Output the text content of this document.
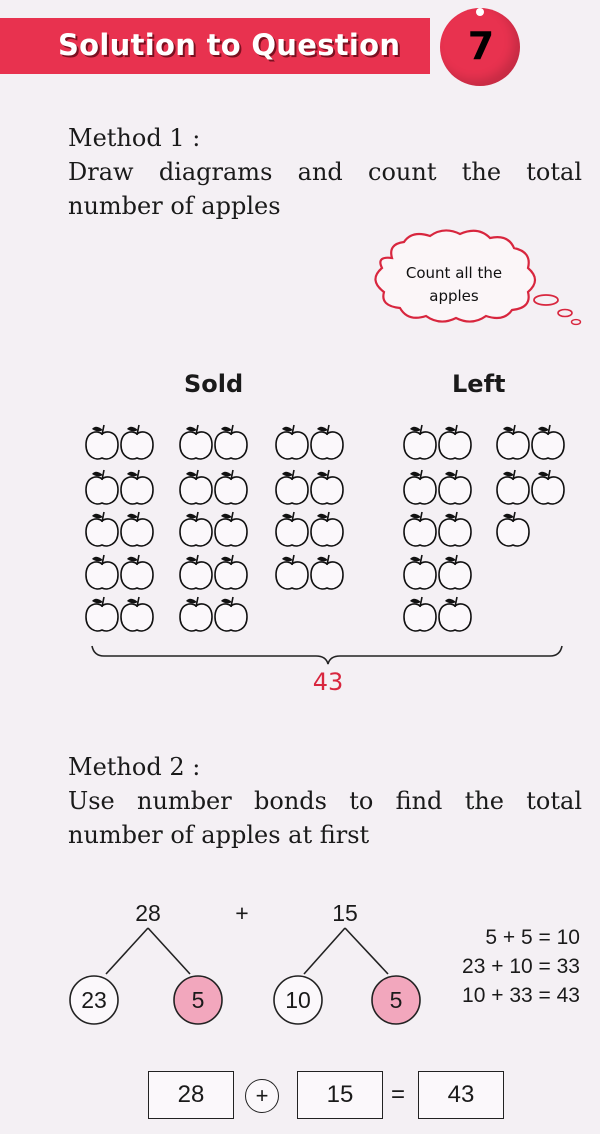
Solution to Question 7
Method 1 :
Draw diagrams and count the total
number of apples
Count all the
apples
Sold	Left
43
Method 2 :
Use number bonds to find the total
number of apples at first
28	+	15
23	5	10	5
5 + 5 = 10
23 + 10 = 33
10 + 33 = 43
28	+	15	=	43
